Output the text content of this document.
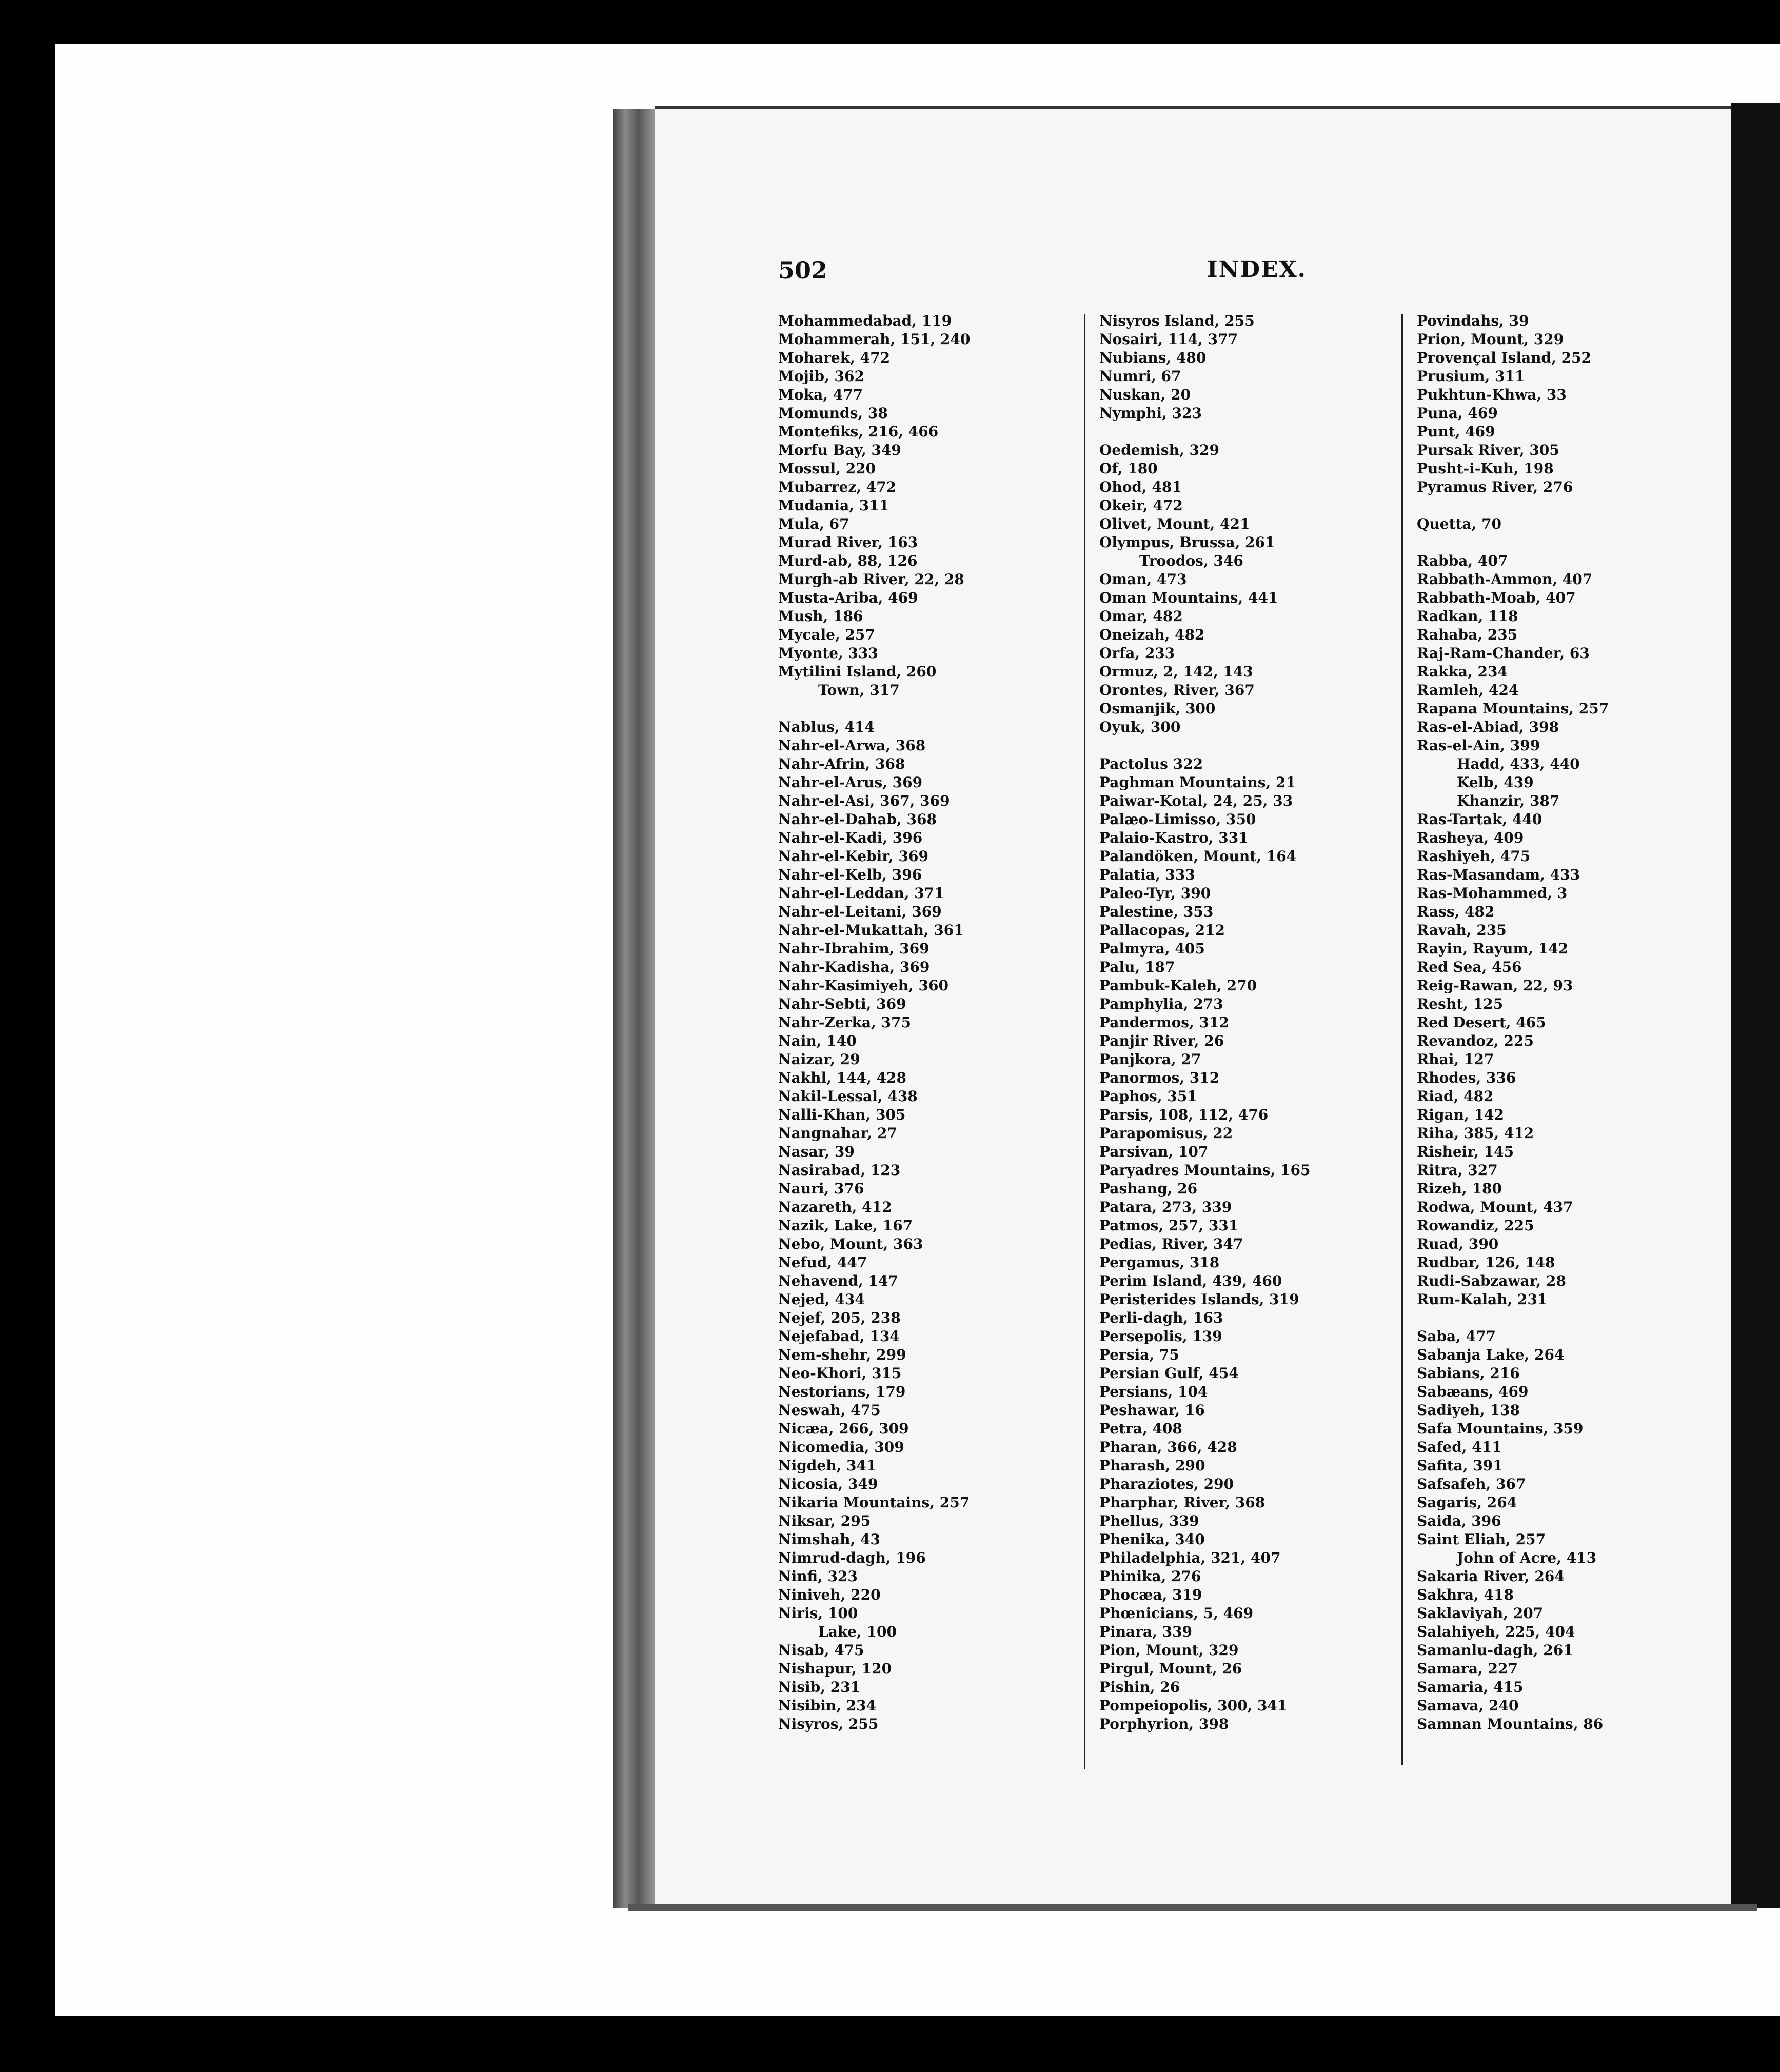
502	INDEX.
Mohammedabad, 119
Mohammerah, 151, 240
Moharek, 472
Mojib, 362
Moka, 477
Momunds, 38
Montefiks, 216, 466
Morfu Bay, 349
Mossul, 220
Mubarrez, 472
Mudania, 311
Mula, 67
Murad River, 163
Murd-ab, 88, 126
Murgh-ab River, 22, 28
Musta-Ariba, 469
Mush, 186
Mycale, 257
Myonte, 333
Mytilini Island, 260
Town, 317
Nablus, 414
Nahr-el-Arwa, 368
Nahr-Afrin, 368
Nahr-el-Arus, 369
Nahr-el-Asi, 367, 369
Nahr-el-Dahab, 368
Nahr-el-Kadi, 396
Nahr-el-Kebir, 369
Nahr-el-Kelb, 396
Nahr-el-Leddan, 371
Nahr-el-Leitani, 369
Nahr-el-Mukattah, 361
Nahr-Ibrahim, 369
Nahr-Kadisha, 369
Nahr-Kasimiyeh, 360
Nahr-Sebti, 369
Nahr-Zerka, 375
Nain, 140
Naizar, 29
Nakhl, 144, 428
Nakil-Lessal, 438
Nalli-Khan, 305
Nangnahar, 27
Nasar, 39
Nasirabad, 123
Nauri, 376
Nazareth, 412
Nazik, Lake, 167
Nebo, Mount, 363
Nefud, 447
Nehavend, 147
Nejed, 434
Nejef, 205, 238
Nejefabad, 134
Nem-shehr, 299
Neo-Khori, 315
Nestorians, 179
Neswah, 475
Nicæa, 266, 309
Nicomedia, 309
Nigdeh, 341
Nicosia, 349
Nikaria Mountains, 257
Niksar, 295
Nimshah, 43
Nimrud-dagh, 196
Ninfi, 323
Niniveh, 220
Niris, 100
Lake, 100
Nisab, 475
Nishapur, 120
Nisib, 231
Nisibin, 234
Nisyros, 255
Nisyros Island, 255
Nosairi, 114, 377
Nubians, 480
Numri, 67
Nuskan, 20
Nymphi, 323
Oedemish, 329
Of, 180
Ohod, 481
Okeir, 472
Olivet, Mount, 421
Olympus, Brussa, 261
Troodos, 346
Oman, 473
Oman Mountains, 441
Omar, 482
Oneizah, 482
Orfa, 233
Ormuz, 2, 142, 143
Orontes, River, 367
Osmanjik, 300
Oyuk, 300
Pactolus 322
Paghman Mountains, 21
Paiwar-Kotal, 24, 25, 33
Palæo-Limisso, 350
Palaio-Kastro, 331
Palandöken, Mount, 164
Palatia, 333
Paleo-Tyr, 390
Palestine, 353
Pallacopas, 212
Palmyra, 405
Palu, 187
Pambuk-Kaleh, 270
Pamphylia, 273
Pandermos, 312
Panjir River, 26
Panjkora, 27
Panormos, 312
Paphos, 351
Parsis, 108, 112, 476
Parapomisus, 22
Parsivan, 107
Paryadres Mountains, 165
Pashang, 26
Patara, 273, 339
Patmos, 257, 331
Pedias, River, 347
Pergamus, 318
Perim Island, 439, 460
Peristerides Islands, 319
Perli-dagh, 163
Persepolis, 139
Persia, 75
Persian Gulf, 454
Persians, 104
Peshawar, 16
Petra, 408
Pharan, 366, 428
Pharash, 290
Pharaziotes, 290
Pharphar, River, 368
Phellus, 339
Phenika, 340
Philadelphia, 321, 407
Phinika, 276
Phocæa, 319
Phœnicians, 5, 469
Pinara, 339
Pion, Mount, 329
Pirgul, Mount, 26
Pishin, 26
Pompeiopolis, 300, 341
Porphyrion, 398
Povindahs, 39
Prion, Mount, 329
Provençal Island, 252
Prusium, 311
Pukhtun-Khwa, 33
Puna, 469
Punt, 469
Pursak River, 305
Pusht-i-Kuh, 198
Pyramus River, 276
Quetta, 70
Rabba, 407
Rabbath-Ammon, 407
Rabbath-Moab, 407
Radkan, 118
Rahaba, 235
Raj-Ram-Chander, 63
Rakka, 234
Ramleh, 424
Rapana Mountains, 257
Ras-el-Abiad, 398
Ras-el-Ain, 399
Hadd, 433, 440
Kelb, 439
Khanzir, 387
Ras-Tartak, 440
Rasheya, 409
Rashiyeh, 475
Ras-Masandam, 433
Ras-Mohammed, 3
Rass, 482
Ravah, 235
Rayin, Rayum, 142
Red Sea, 456
Reig-Rawan, 22, 93
Resht, 125
Red Desert, 465
Revandoz, 225
Rhai, 127
Rhodes, 336
Riad, 482
Rigan, 142
Riha, 385, 412
Risheir, 145
Ritra, 327
Rizeh, 180
Rodwa, Mount, 437
Rowandiz, 225
Ruad, 390
Rudbar, 126, 148
Rudi-Sabzawar, 28
Rum-Kalah, 231
Saba, 477
Sabanja Lake, 264
Sabians, 216
Sabæans, 469
Sadiyeh, 138
Safa Mountains, 359
Safed, 411
Safita, 391
Safsafeh, 367
Sagaris, 264
Saida, 396
Saint Eliah, 257
John of Acre, 413
Sakaria River, 264
Sakhra, 418
Saklaviyah, 207
Salahiyeh, 225, 404
Samanlu-dagh, 261
Samara, 227
Samaria, 415
Samava, 240
Samnan Mountains, 86
